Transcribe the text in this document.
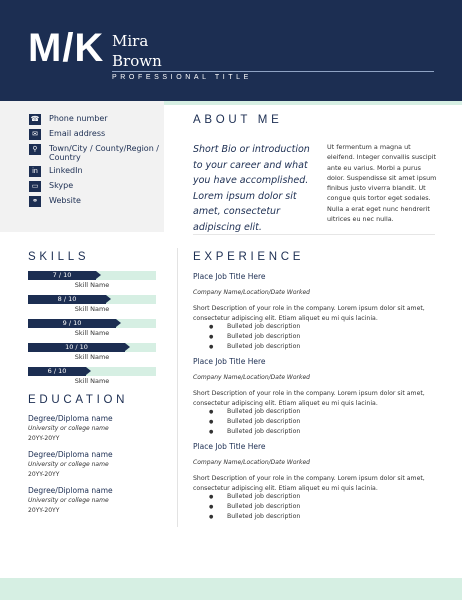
M/K Mira
Brown
PROFESSIONAL TITLE
☎ Phone number
✉	Email address
⚲	Town/City / County/Region / Country
in	LinkedIn
▭	Skype
⚭	Website
ABOUT ME
Short Bio or introduction to your career and what you have accomplished. Lorem ipsum dolor sit amet, consectetur adipiscing elit.
Ut fermentum a magna ut eleifend. Integer convallis suscipit ante eu varius. Morbi a purus dolor. Suspendisse sit amet ipsum finibus justo viverra blandit. Ut congue quis tortor eget sodales. Nulla a erat eget nunc hendrerit ultrices eu nec nulla.
SKILLS
7 / 10
Skill Name
8 / 10
Skill Name
9 / 10
Skill Name
10 / 10
Skill Name
6 / 10
Skill Name
EDUCATION
Degree/Diploma name
University or college name
20YY-20YY
Degree/Diploma name
University or college name
20YY-20YY
Degree/Diploma name
University or college name
20YY-20YY
EXPERIENCE
Place Job Title Here
Company Name/Location/Date Worked
Short Description of your role in the company. Lorem ipsum dolor sit amet, consectetur adipiscing elit. Etiam aliquet eu mi quis lacinia.
● Bulleted job description
● Bulleted job description
● Bulleted job description
Place Job Title Here
Company Name/Location/Date Worked
Short Description of your role in the company. Lorem ipsum dolor sit amet, consectetur adipiscing elit. Etiam aliquet eu mi quis lacinia.
● Bulleted job description
● Bulleted job description
● Bulleted job description
Place Job Title Here
Company Name/Location/Date Worked
Short Description of your role in the company. Lorem ipsum dolor sit amet, consectetur adipiscing elit. Etiam aliquet eu mi quis lacinia.
● Bulleted job description
● Bulleted job description
● Bulleted job description
